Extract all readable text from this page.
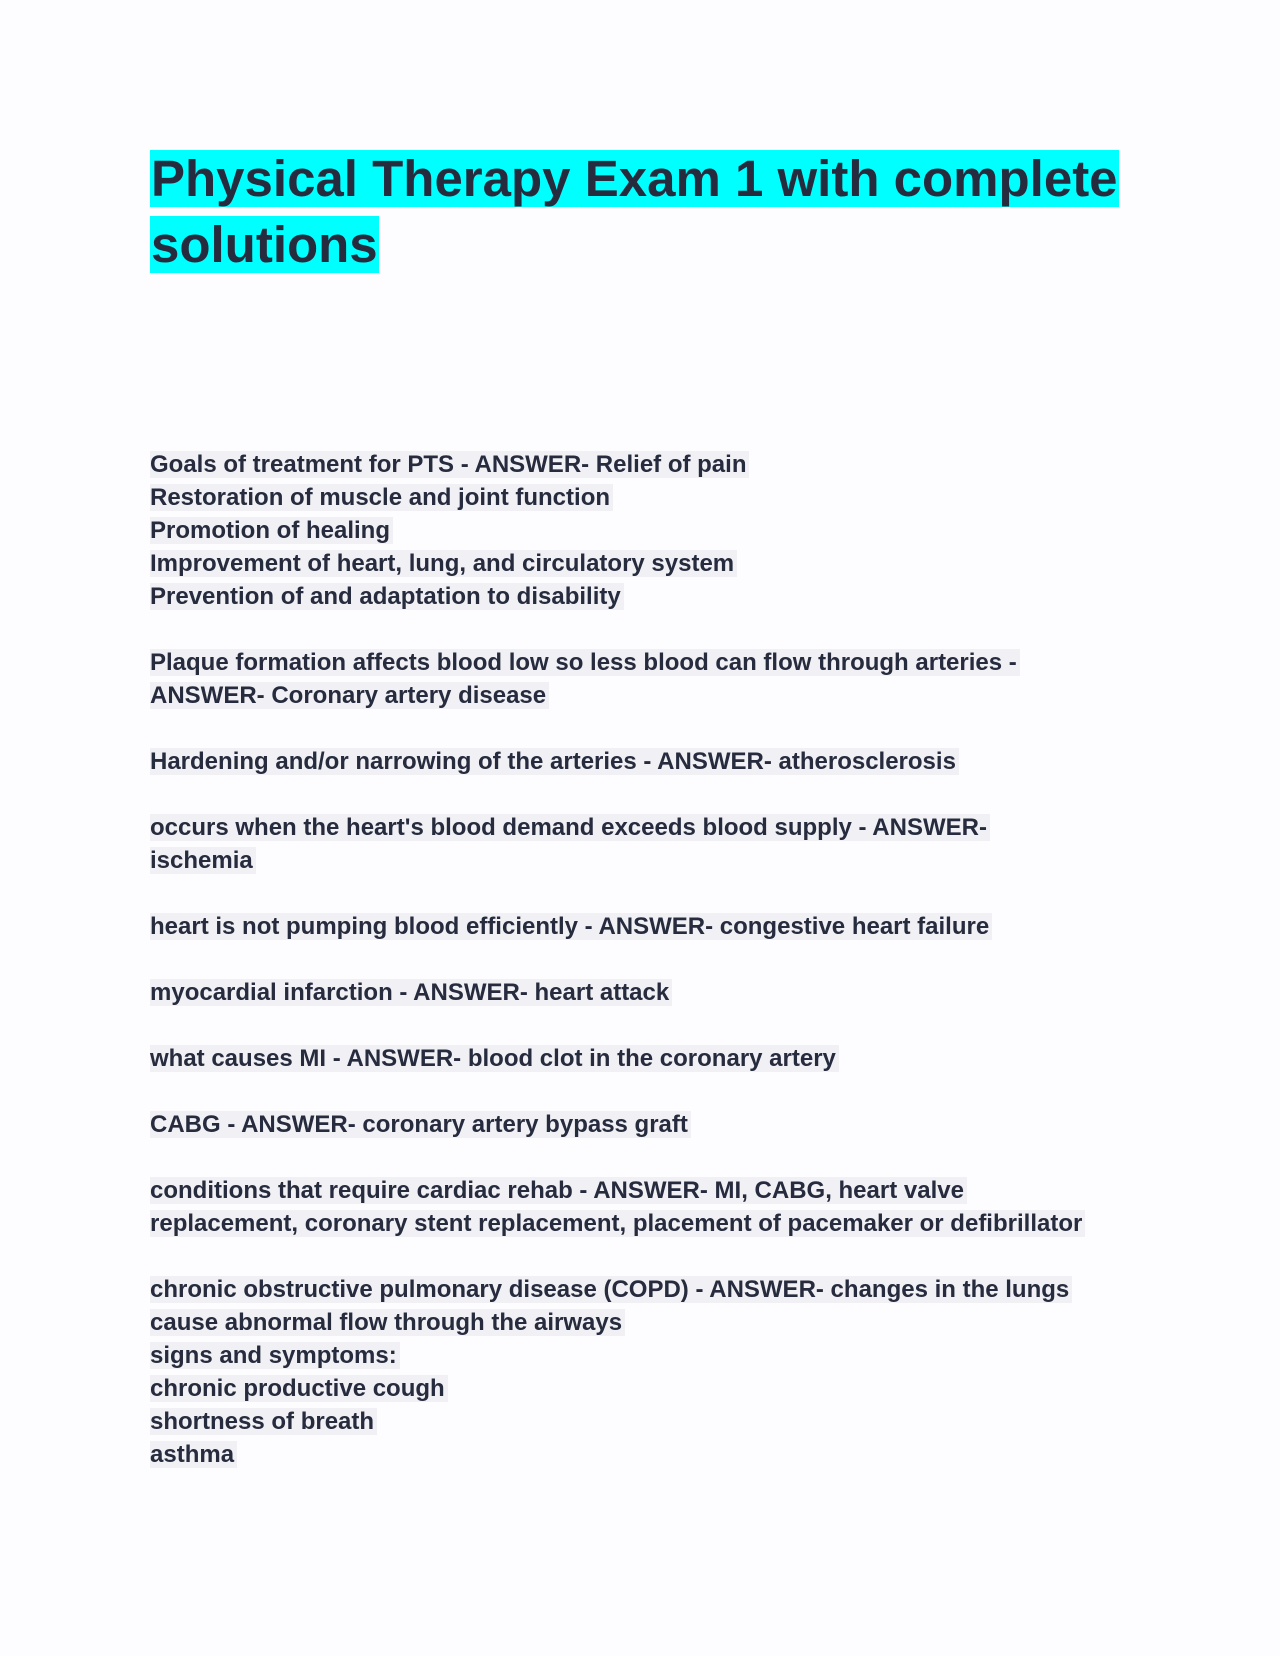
Physical Therapy Exam 1 with complete
solutions
Goals of treatment for PTS - ANSWER- Relief of pain
Restoration of muscle and joint function
Promotion of healing
Improvement of heart, lung, and circulatory system
Prevention of and adaptation to disability
Plaque formation affects blood low so less blood can flow through arteries -
ANSWER- Coronary artery disease
Hardening and/or narrowing of the arteries - ANSWER- atherosclerosis
occurs when the heart's blood demand exceeds blood supply - ANSWER-
ischemia
heart is not pumping blood efficiently - ANSWER- congestive heart failure
myocardial infarction - ANSWER- heart attack
what causes MI - ANSWER- blood clot in the coronary artery
CABG - ANSWER- coronary artery bypass graft
conditions that require cardiac rehab - ANSWER- MI, CABG, heart valve
replacement, coronary stent replacement, placement of pacemaker or defibrillator
chronic obstructive pulmonary disease (COPD) - ANSWER- changes in the lungs
cause abnormal flow through the airways
signs and symptoms:
chronic productive cough
shortness of breath
asthma
